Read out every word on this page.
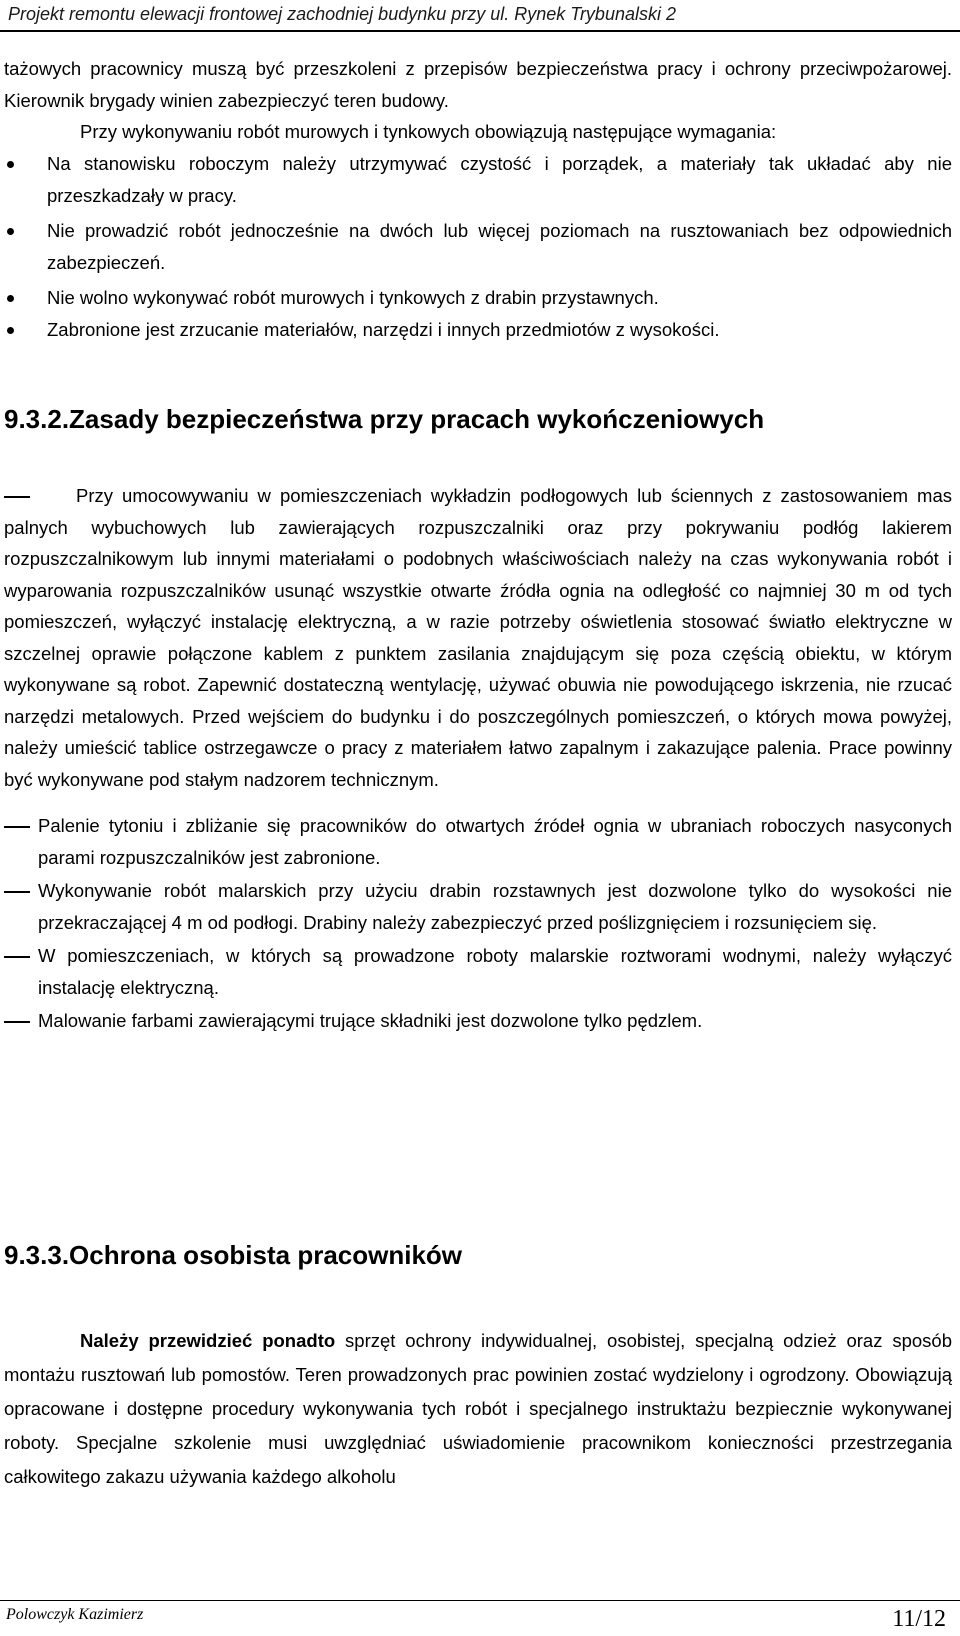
Projekt remontu elewacji frontowej zachodniej budynku przy ul. Rynek Trybunalski 2

tażowych pracownicy muszą być przeszkoleni z przepisów bezpieczeństwa pracy i ochrony przeciwpożarowej. Kierownik brygady winien zabezpieczyć teren budowy.

Przy wykonywaniu robót murowych i tynkowych obowiązują następujące wymagania:

Na stanowisku roboczym należy utrzymywać czystość i porządek, a materiały tak układać aby nie przeszkadzały w pracy.
Nie prowadzić robót jednocześnie na dwóch lub więcej poziomach na rusztowaniach bez odpowiednich zabezpieczeń.
Nie wolno wykonywać robót murowych i tynkowych z drabin przystawnych.
Zabronione jest zrzucanie materiałów, narzędzi i innych przedmiotów z wysokości.
9.3.2.Zasady bezpieczeństwa przy pracach wykończeniowych
Przy umocowywaniu w pomieszczeniach wykładzin podłogowych lub ściennych z zastosowaniem mas palnych wybuchowych lub zawierających rozpuszczalniki oraz przy pokrywaniu podłóg lakierem rozpuszczalnikowym lub innymi materiałami o podobnych właściwościach należy na czas wykonywania robót i wyparowania rozpuszczalników usunąć wszystkie otwarte źródła ognia na odległość co najmniej 30 m od tych pomieszczeń, wyłączyć instalację elektryczną, a w razie potrzeby oświetlenia stosować światło elektryczne w szczelnej oprawie połączone kablem z punktem zasilania znajdującym się poza częścią obiektu, w którym wykonywane są robot. Zapewnić dostateczną wentylację, używać obuwia nie powodującego iskrzenia, nie rzucać narzędzi metalowych. Przed wejściem do budynku i do poszczególnych pomieszczeń, o których mowa powyżej, należy umieścić tablice ostrzegawcze o pracy z materiałem łatwo zapalnym i zakazujące palenia. Prace powinny być wykonywane pod stałym nadzorem technicznym.
Palenie tytoniu i zbliżanie się pracowników do otwartych źródeł ognia w ubraniach roboczych nasyconych parami rozpuszczalników jest zabronione.
Wykonywanie robót malarskich przy użyciu drabin rozstawnych jest dozwolone tylko do wysokości nie przekraczającej 4 m od podłogi. Drabiny należy zabezpieczyć przed poślizgnięciem i rozsunięciem się.
W pomieszczeniach, w których są prowadzone roboty malarskie roztworami wodnymi, należy wyłączyć instalację elektryczną.
Malowanie farbami zawierającymi trujące składniki jest dozwolone tylko pędzlem.
9.3.3.Ochrona osobista pracowników

Należy przewidzieć ponadto sprzęt ochrony indywidualnej, osobistej, specjalną odzież oraz sposób montażu rusztowań lub pomostów. Teren prowadzonych prac powinien zostać wydzielony i ogrodzony. Obowiązują opracowane i dostępne procedury wykonywania tych robót i specjalnego instruktażu bezpiecznie wykonywanej roboty. Specjalne szkolenie musi uwzględniać uświadomienie pracownikom konieczności przestrzegania całkowitego zakazu używania każdego alkoholu

Polowczyk Kazimierz	11/12
